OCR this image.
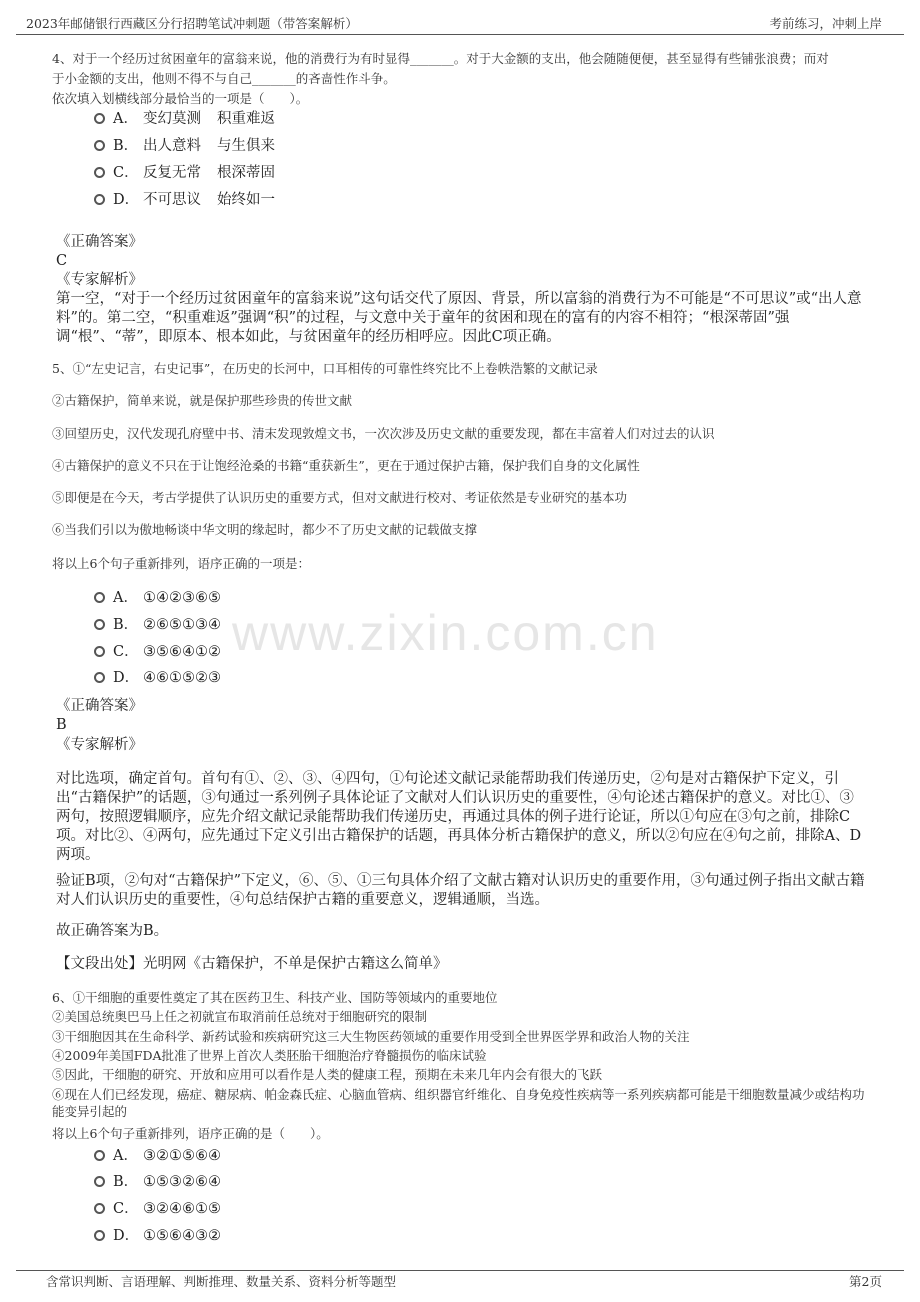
2023年邮储银行西藏区分行招聘笔试冲刺题（带答案解析）	考前练习，冲刺上岸
www.zixin.com.cn
4、对于一个经历过贫困童年的富翁来说，他的消费行为有时显得_______。对于大金额的支出，他会随随便便，甚至显得有些铺张浪费；而对
于小金额的支出，他则不得不与自己_______的吝啬性作斗争。
依次填入划横线部分最恰当的一项是（　　）。
A． 变幻莫测 积重难返
B． 出人意料 与生俱来
C． 反复无常 根深蒂固
D． 不可思议 始终如一
《正确答案》
C
《专家解析》
第一空，“对于一个经历过贫困童年的富翁来说”这句话交代了原因、背景，所以富翁的消费行为不可能是“不可思议”或“出人意料”的。第二空，“积重难返”强调“积”的过程，与文意中关于童年的贫困和现在的富有的内容不相符；“根深蒂固”强调“根”、“蒂”，即原本、根本如此，与贫困童年的经历相呼应。因此C项正确。
5、①“左史记言，右史记事”，在历史的长河中，口耳相传的可靠性终究比不上卷帙浩繁的文献记录
②古籍保护，简单来说，就是保护那些珍贵的传世文献
③回望历史，汉代发现孔府壁中书、清末发现敦煌文书，一次次涉及历史文献的重要发现，都在丰富着人们对过去的认识
④古籍保护的意义不只在于让饱经沧桑的书籍“重获新生”，更在于通过保护古籍，保护我们自身的文化属性
⑤即便是在今天，考古学提供了认识历史的重要方式，但对文献进行校对、考证依然是专业研究的基本功
⑥当我们引以为傲地畅谈中华文明的缘起时，都少不了历史文献的记载做支撑
将以上6个句子重新排列，语序正确的一项是：
A． ①④②③⑥⑤
B． ②⑥⑤①③④
C． ③⑤⑥④①②
D． ④⑥①⑤②③
《正确答案》
B
《专家解析》
对比选项，确定首句。首句有①、②、③、④四句，①句论述文献记录能帮助我们传递历史，②句是对古籍保护下定义，引出“古籍保护”的话题，③句通过一系列例子具体论证了文献对人们认识历史的重要性，④句论述古籍保护的意义。对比①、③两句，按照逻辑顺序，应先介绍文献记录能帮助我们传递历史，再通过具体的例子进行论证，所以①句应在③句之前，排除C项。对比②、④两句，应先通过下定义引出古籍保护的话题，再具体分析古籍保护的意义，所以②句应在④句之前，排除A、D两项。
验证B项，②句对“古籍保护”下定义，⑥、⑤、①三句具体介绍了文献古籍对认识历史的重要作用，③句通过例子指出文献古籍对人们认识历史的重要性，④句总结保护古籍的重要意义，逻辑通顺，当选。
故正确答案为B。
【文段出处】光明网《古籍保护，不单是保护古籍这么简单》
6、①干细胞的重要性奠定了其在医药卫生、科技产业、国防等领域内的重要地位
②美国总统奥巴马上任之初就宣布取消前任总统对于细胞研究的限制
③干细胞因其在生命科学、新药试验和疾病研究这三大生物医药领域的重要作用受到全世界医学界和政治人物的关注
④2009年美国FDA批准了世界上首次人类胚胎干细胞治疗脊髓损伤的临床试验
⑤因此，干细胞的研究、开放和应用可以看作是人类的健康工程，预期在未来几年内会有很大的飞跃
⑥现在人们已经发现，癌症、糖尿病、帕金森氏症、心脑血管病、组织器官纤维化、自身免疫性疾病等一系列疾病都可能是干细胞数量减少或结构功能变异引起的
将以上6个句子重新排列，语序正确的是（　　）。
A． ③②①⑤⑥④
B． ①⑤③②⑥④
C． ③②④⑥①⑤
D． ①⑤⑥④③②
含常识判断、言语理解、判断推理、数量关系、资料分析等题型	第2页
